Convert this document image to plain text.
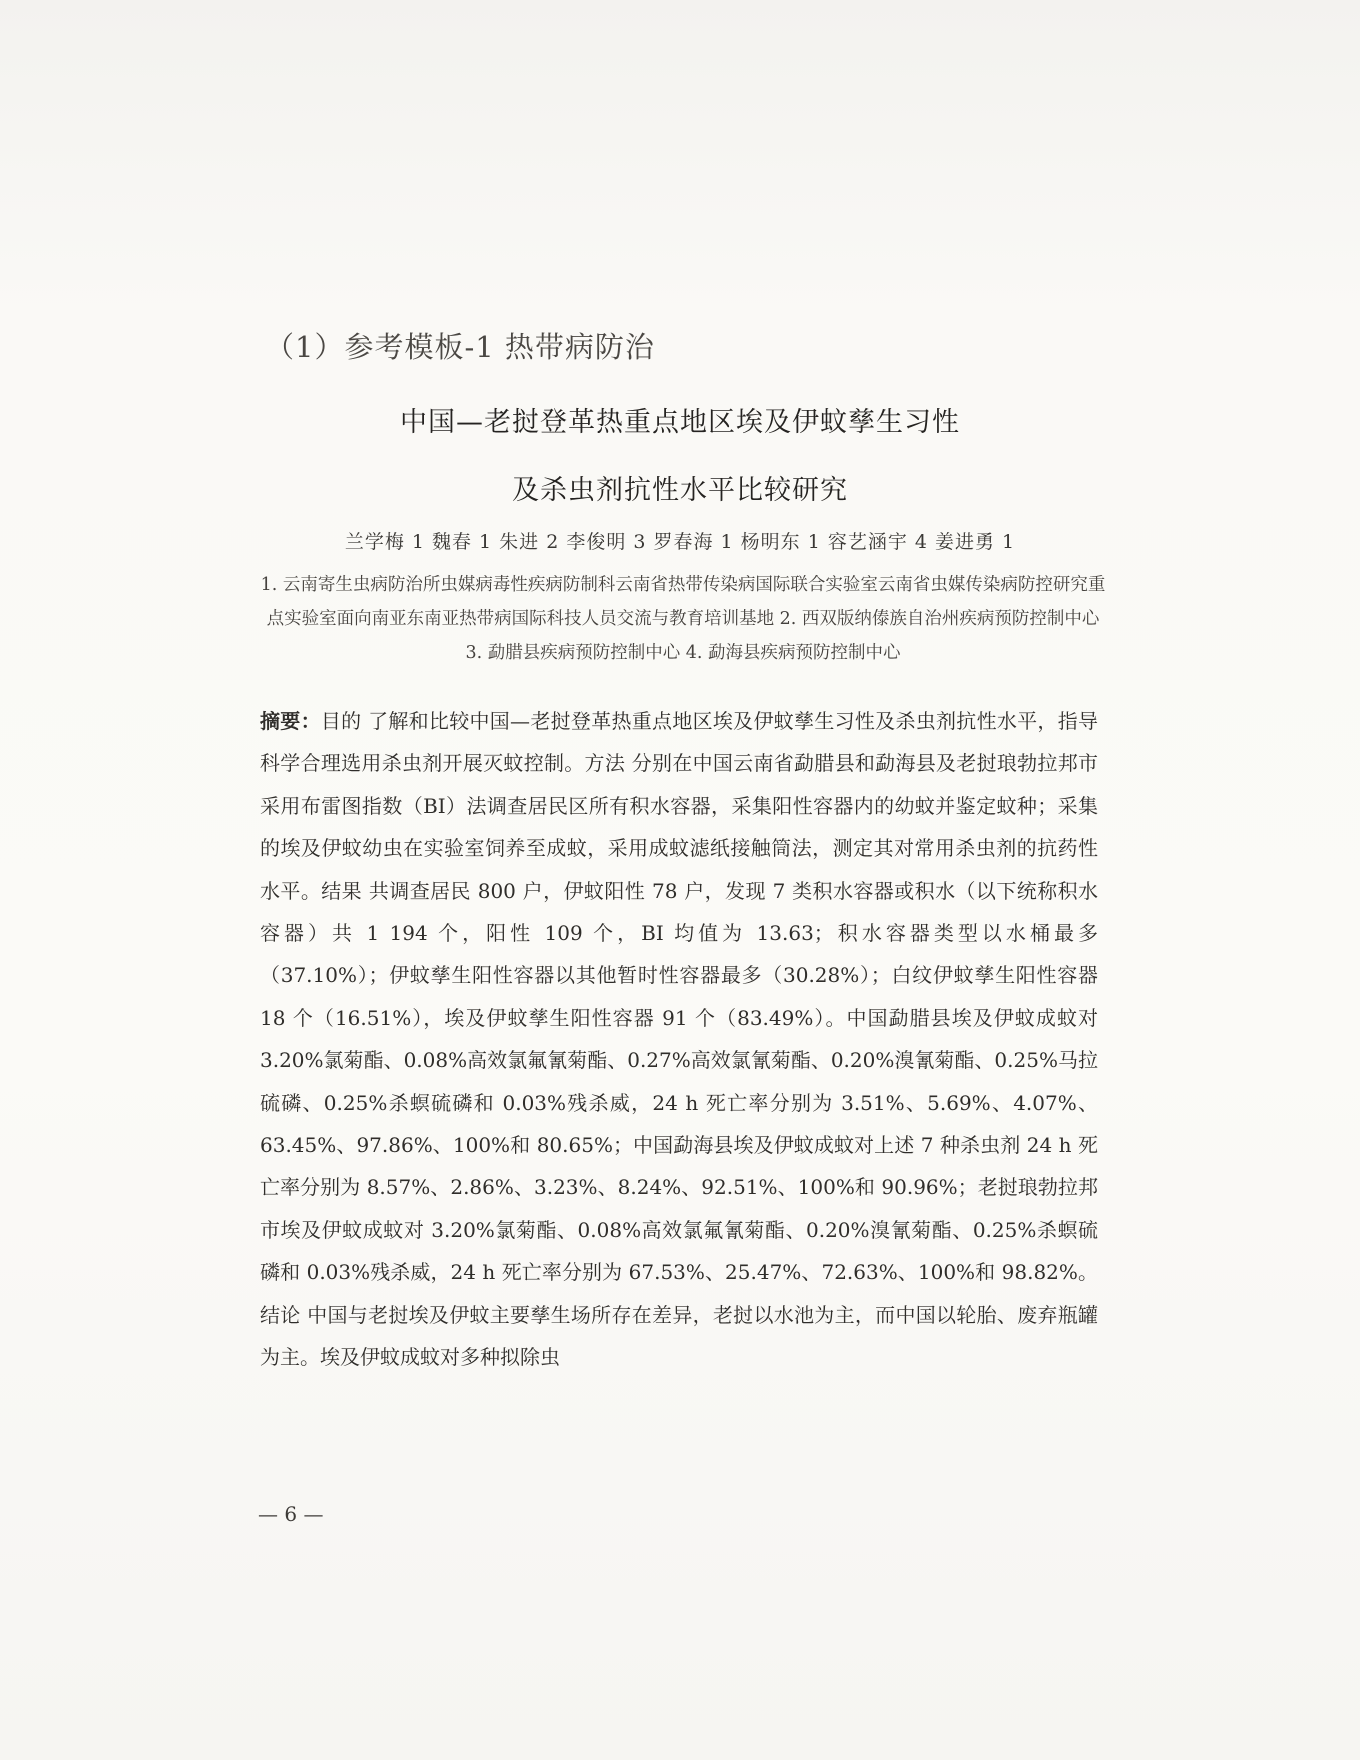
（1）参考模板-1 热带病防治
中国—老挝登革热重点地区埃及伊蚊孳生习性
及杀虫剂抗性水平比较研究
兰学梅 1 魏春 1 朱进 2 李俊明 3 罗春海 1 杨明东 1 容艺涵宇 4 姜进勇 1
1. 云南寄生虫病防治所虫媒病毒性疾病防制科云南省热带传染病国际联合实验室云南省虫媒传染病防控研究重点实验室面向南亚东南亚热带病国际科技人员交流与教育培训基地 2. 西双版纳傣族自治州疾病预防控制中心 3. 勐腊县疾病预防控制中心 4. 勐海县疾病预防控制中心
摘要：目的 了解和比较中国—老挝登革热重点地区埃及伊蚊孳生习性及杀虫剂抗性水平，指导科学合理选用杀虫剂开展灭蚊控制。方法 分别在中国云南省勐腊县和勐海县及老挝琅勃拉邦市采用布雷图指数（BI）法调查居民区所有积水容器，采集阳性容器内的幼蚊并鉴定蚊种；采集的埃及伊蚊幼虫在实验室饲养至成蚊，采用成蚊滤纸接触筒法，测定其对常用杀虫剂的抗药性水平。结果 共调查居民 800 户，伊蚊阳性 78 户，发现 7 类积水容器或积水（以下统称积水容器）共 1 194 个，阳性 109 个，BI 均值为 13.63；积水容器类型以水桶最多（37.10%）；伊蚊孳生阳性容器以其他暂时性容器最多（30.28%）；白纹伊蚊孳生阳性容器 18 个（16.51%），埃及伊蚊孳生阳性容器 91 个（83.49%）。中国勐腊县埃及伊蚊成蚊对 3.20%氯菊酯、0.08%高效氯氟氰菊酯、0.27%高效氯氰菊酯、0.20%溴氰菊酯、0.25%马拉硫磷、0.25%杀螟硫磷和 0.03%残杀威，24 h 死亡率分别为 3.51%、5.69%、4.07%、63.45%、97.86%、100%和 80.65%；中国勐海县埃及伊蚊成蚊对上述 7 种杀虫剂 24 h 死亡率分别为 8.57%、2.86%、3.23%、8.24%、92.51%、100%和 90.96%；老挝琅勃拉邦市埃及伊蚊成蚊对 3.20%氯菊酯、0.08%高效氯氟氰菊酯、0.20%溴氰菊酯、0.25%杀螟硫磷和 0.03%残杀威，24 h 死亡率分别为 67.53%、25.47%、72.63%、100%和 98.82%。结论 中国与老挝埃及伊蚊主要孳生场所存在差异，老挝以水池为主，而中国以轮胎、废弃瓶罐为主。埃及伊蚊成蚊对多种拟除虫
— 6 —
